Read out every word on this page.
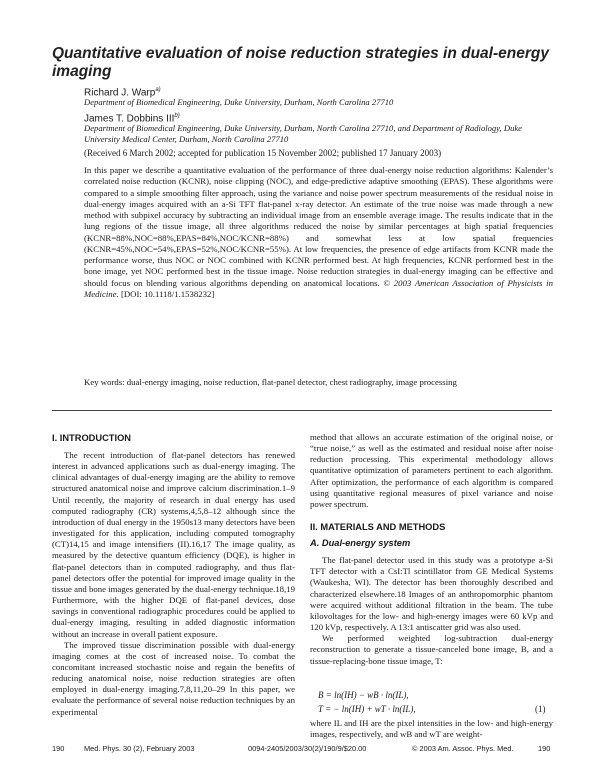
Quantitative evaluation of noise reduction strategies in dual-energy imaging
Richard J. Warp$^{a)}$
Department of Biomedical Engineering, Duke University, Durham, North Carolina 27710
James T. Dobbins III$^{b)}$
Department of Biomedical Engineering, Duke University, Durham, North Carolina 27710, and Department of Radiology, Duke University Medical Center, Durham, North Carolina 27710
(Received 6 March 2002; accepted for publication 15 November 2002; published 17 January 2003)
In this paper we describe a quantitative evaluation of the performance of three dual-energy noise reduction algorithms: Kalender’s correlated noise reduction (KCNR), noise clipping (NOC), and edge-predictive adaptive smoothing (EPAS). These algorithms were compared to a simple smoothing filter approach, using the variance and noise power spectrum measurements of the residual noise in dual-energy images acquired with an a-Si TFT flat-panel x-ray detector. An estimate of the true noise was made through a new method with subpixel accuracy by subtracting an individual image from an ensemble average image. The results indicate that in the lung regions of the tissue image, all three algorithms reduced the noise by similar percentages at high spatial frequencies (KCNR=88%,NOC=88%,EPAS=84%,NOC/KCNR=88%) and somewhat less at low spatial frequencies (KCNR=45%,NOC=54%,EPAS=52%,NOC/KCNR=55%). At low frequencies, the presence of edge artifacts from KCNR made the performance worse, thus NOC or NOC combined with KCNR performed best. At high frequencies, KCNR performed best in the bone image, yet NOC performed best in the tissue image. Noise reduction strategies in dual-energy imaging can be effective and should focus on blending various algorithms depending on anatomical locations. © 2003 American Association of Physicists in Medicine. [DOI: 10.1118/1.1538232]
Key words: dual-energy imaging, noise reduction, flat-panel detector, chest radiography, image processing
I. INTRODUCTION

The recent introduction of flat-panel detectors has renewed interest in advanced applications such as dual-energy imaging. The clinical advantages of dual-energy imaging are the ability to remove structured anatomical noise and improve calcium discrimination.1–9 Until recently, the majority of research in dual energy has used computed radiography (CR) systems,4,5,8–12 although since the introduction of dual energy in the 1950s13 many detectors have been investigated for this application, including computed tomography (CT)14,15 and image intensifiers (II).16,17 The image quality, as measured by the detective quantum efficiency (DQE), is higher in flat-panel detectors than in computed radiography, and thus flat-panel detectors offer the potential for improved image quality in the tissue and bone images generated by the dual-energy technique.18,19 Furthermore, with the higher DQE of flat-panel devices, dose savings in conventional radiographic procedures could be applied to dual-energy imaging, resulting in added diagnostic information without an increase in overall patient exposure.

The improved tissue discrimination possible with dual-energy imaging comes at the cost of increased noise. To combat the concomitant increased stochastic noise and regain the benefits of reducing anatomical noise, noise reduction strategies are often employed in dual-energy imaging.7,8,11,20–29 In this paper, we evaluate the performance of several noise reduction techniques by an experimental

method that allows an accurate estimation of the original noise, or “true noise,” as well as the estimated and residual noise after noise reduction processing. This experimental methodology allows quantitative optimization of parameters pertinent to each algorithm. After optimization, the performance of each algorithm is compared using quantitative regional measures of pixel variance and noise power spectrum.

II. MATERIALS AND METHODS
A. Dual-energy system

The flat-panel detector used in this study was a prototype a-Si TFT detector with a CsI:Tl scintillator from GE Medical Systems (Waukesha, WI). The detector has been thoroughly described and characterized elsewhere.18 Images of an anthropomorphic phantom were acquired without additional filtration in the beam. The tube kilovoltages for the low- and high-energy images were 60 kVp and 120 kVp, respectively. A 13:1 antiscatter grid was also used.

We performed weighted log-subtraction dual-energy reconstruction to generate a tissue-canceled bone image, B, and a tissue-replacing-bone tissue image, T:

B = ln(IH) − wB · ln(IL),
T = − ln(IH) + wT · ln(IL),	(1)

where IL and IH are the pixel intensities in the low- and high-energy images, respectively, and wB and wT are weight-

190	Med. Phys. 30 (2), February 2003	0094-2405/2003/30(2)/190/9/$20.00	© 2003 Am. Assoc. Phys. Med.	190
